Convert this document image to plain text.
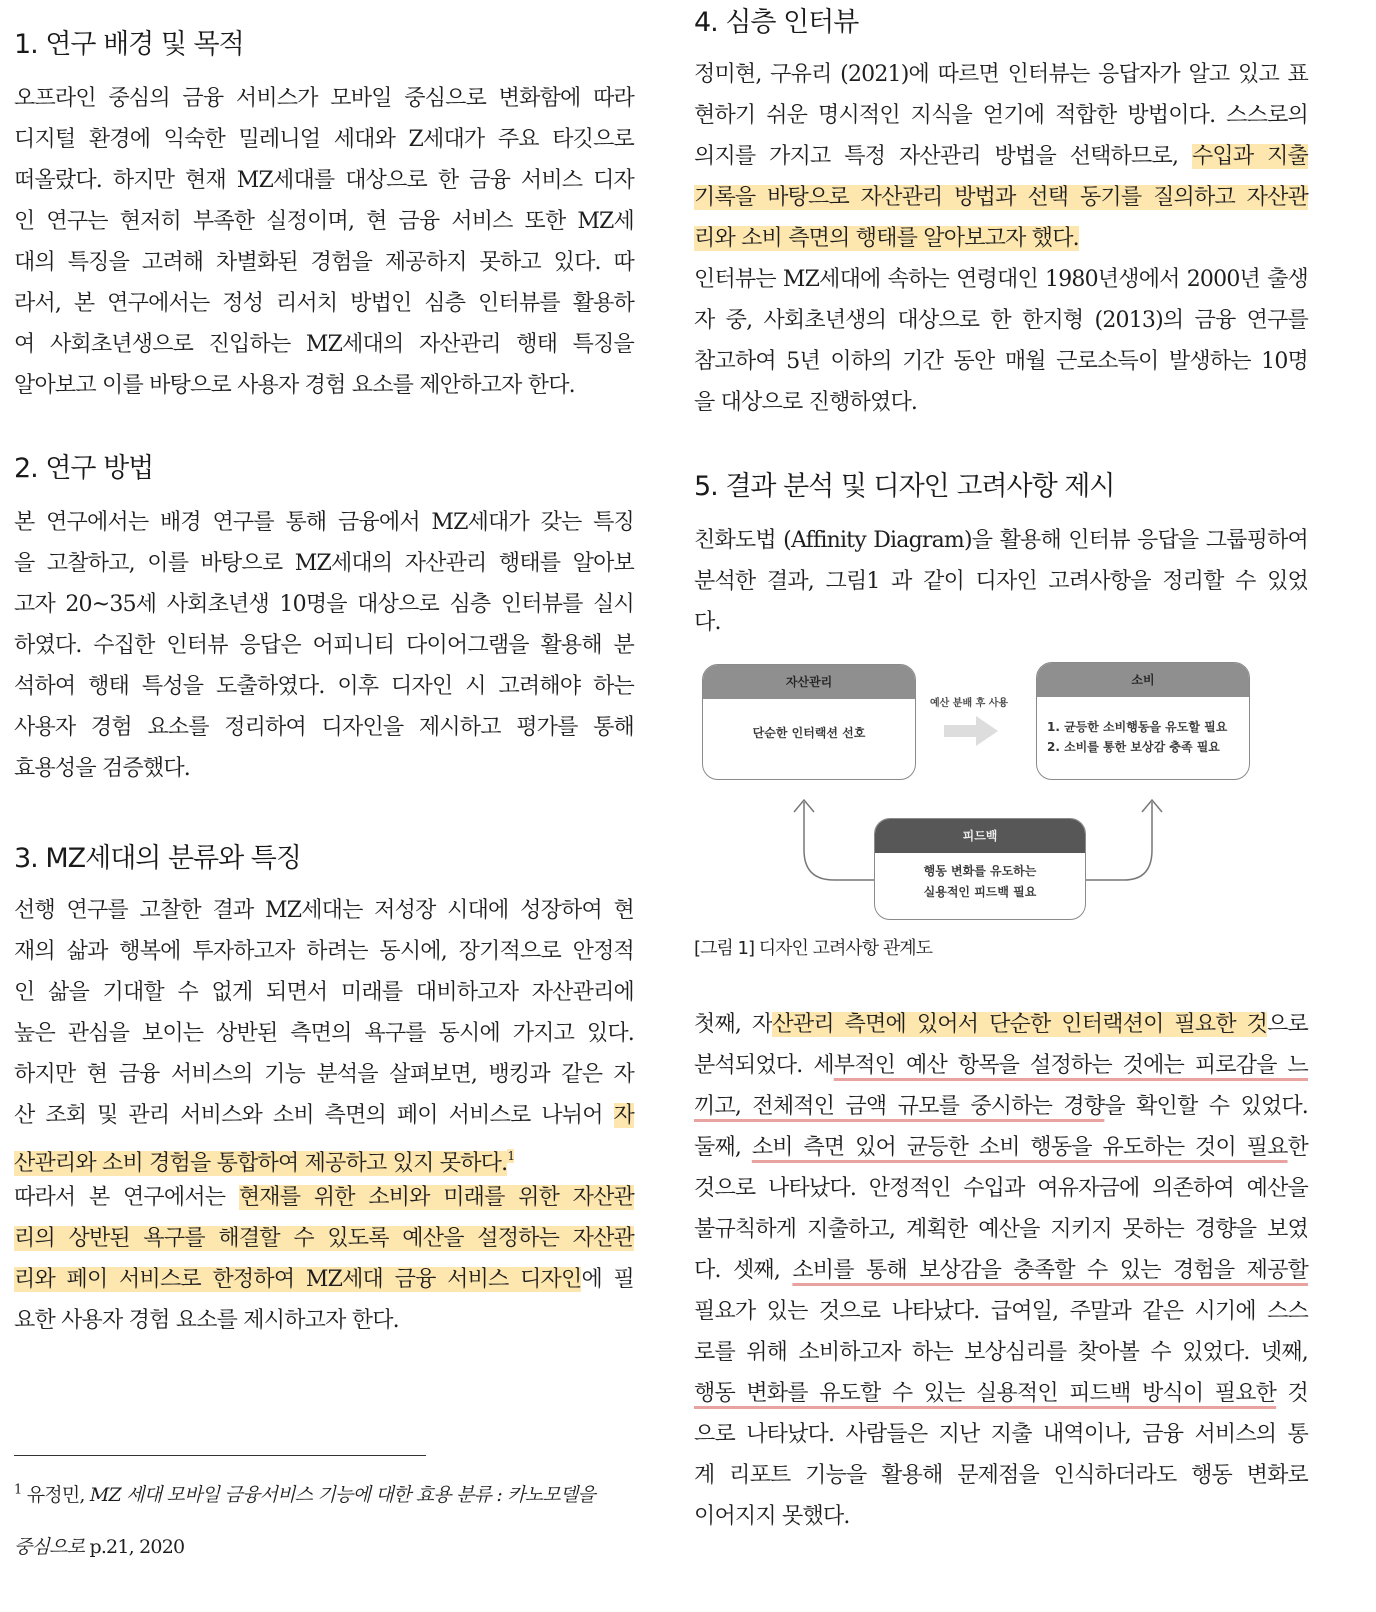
1. 연구 배경 및 목적
오프라인 중심의 금융 서비스가 모바일 중심으로 변화함에 따라
디지털 환경에 익숙한 밀레니얼 세대와 Z세대가 주요 타깃으로
떠올랐다. 하지만 현재 MZ세대를 대상으로 한 금융 서비스 디자
인 연구는 현저히 부족한 실정이며, 현 금융 서비스 또한 MZ세
대의 특징을 고려해 차별화된 경험을 제공하지 못하고 있다. 따
라서, 본 연구에서는 정성 리서치 방법인 심층 인터뷰를 활용하
여 사회초년생으로 진입하는 MZ세대의 자산관리 행태 특징을
알아보고 이를 바탕으로 사용자 경험 요소를 제안하고자 한다.
2. 연구 방법
본 연구에서는 배경 연구를 통해 금융에서 MZ세대가 갖는 특징
을 고찰하고, 이를 바탕으로 MZ세대의 자산관리 행태를 알아보
고자 20~35세 사회초년생 10명을 대상으로 심층 인터뷰를 실시
하였다. 수집한 인터뷰 응답은 어피니티 다이어그램을 활용해 분
석하여 행태 특성을 도출하였다. 이후 디자인 시 고려해야 하는
사용자 경험 요소를 정리하여 디자인을 제시하고 평가를 통해
효용성을 검증했다.
3. MZ세대의 분류와 특징
선행 연구를 고찰한 결과 MZ세대는 저성장 시대에 성장하여 현
재의 삶과 행복에 투자하고자 하려는 동시에, 장기적으로 안정적
인 삶을 기대할 수 없게 되면서 미래를 대비하고자 자산관리에
높은 관심을 보이는 상반된 측면의 욕구를 동시에 가지고 있다.
하지만 현 금융 서비스의 기능 분석을 살펴보면, 뱅킹과 같은 자
산 조회 및 관리 서비스와 소비 측면의 페이 서비스로 나뉘어 자
산관리와 소비 경험을 통합하여 제공하고 있지 못하다.$^1$
따라서 본 연구에서는 현재를 위한 소비와 미래를 위한 자산관
리의 상반된 욕구를 해결할 수 있도록 예산을 설정하는 자산관
리와 페이 서비스로 한정하여 MZ세대 금융 서비스 디자인에 필
요한 사용자 경험 요소를 제시하고자 한다.
$^1$ 유정민, MZ 세대 모바일 금융서비스 기능에 대한 효용 분류 : 카노모델을
중심으로 p.21, 2020
4. 심층 인터뷰
정미현, 구유리 (2021)에 따르면 인터뷰는 응답자가 알고 있고 표
현하기 쉬운 명시적인 지식을 얻기에 적합한 방법이다. 스스로의
의지를 가지고 특정 자산관리 방법을 선택하므로, 수입과 지출
기록을 바탕으로 자산관리 방법과 선택 동기를 질의하고 자산관
리와 소비 측면의 행태를 알아보고자 했다.
인터뷰는 MZ세대에 속하는 연령대인 1980년생에서 2000년 출생
자 중, 사회초년생의 대상으로 한 한지형 (2013)의 금융 연구를
참고하여 5년 이하의 기간 동안 매월 근로소득이 발생하는 10명
을 대상으로 진행하였다.
5. 결과 분석 및 디자인 고려사항 제시
친화도법 (Affinity Diagram)을 활용해 인터뷰 응답을 그룹핑하여
분석한 결과, 그림1 과 같이 디자인 고려사항을 정리할 수 있었
다.
첫째, 자산관리 측면에 있어서 단순한 인터랙션이 필요한 것으로
분석되었다. 세부적인 예산 항목을 설정하는 것에는 피로감을 느
끼고, 전체적인 금액 규모를 중시하는 경향을 확인할 수 있었다.
둘째, 소비 측면 있어 균등한 소비 행동을 유도하는 것이 필요한
것으로 나타났다. 안정적인 수입과 여유자금에 의존하여 예산을
불규칙하게 지출하고, 계획한 예산을 지키지 못하는 경향을 보였
다. 셋째, 소비를 통해 보상감을 충족할 수 있는 경험을 제공할
필요가 있는 것으로 나타났다. 급여일, 주말과 같은 시기에 스스
로를 위해 소비하고자 하는 보상심리를 찾아볼 수 있었다. 넷째,
행동 변화를 유도할 수 있는 실용적인 피드백 방식이 필요한 것
으로 나타났다. 사람들은 지난 지출 내역이나, 금융 서비스의 통
계 리포트 기능을 활용해 문제점을 인식하더라도 행동 변화로
이어지지 못했다.
자산관리
단순한 인터랙션 선호
예산 분배 후 사용
소비
1. 균등한 소비행동을 유도할 필요
2. 소비를 통한 보상감 충족 필요
피드백
행동 변화를 유도하는
실용적인 피드백 필요
[그림 1] 디자인 고려사항 관계도
